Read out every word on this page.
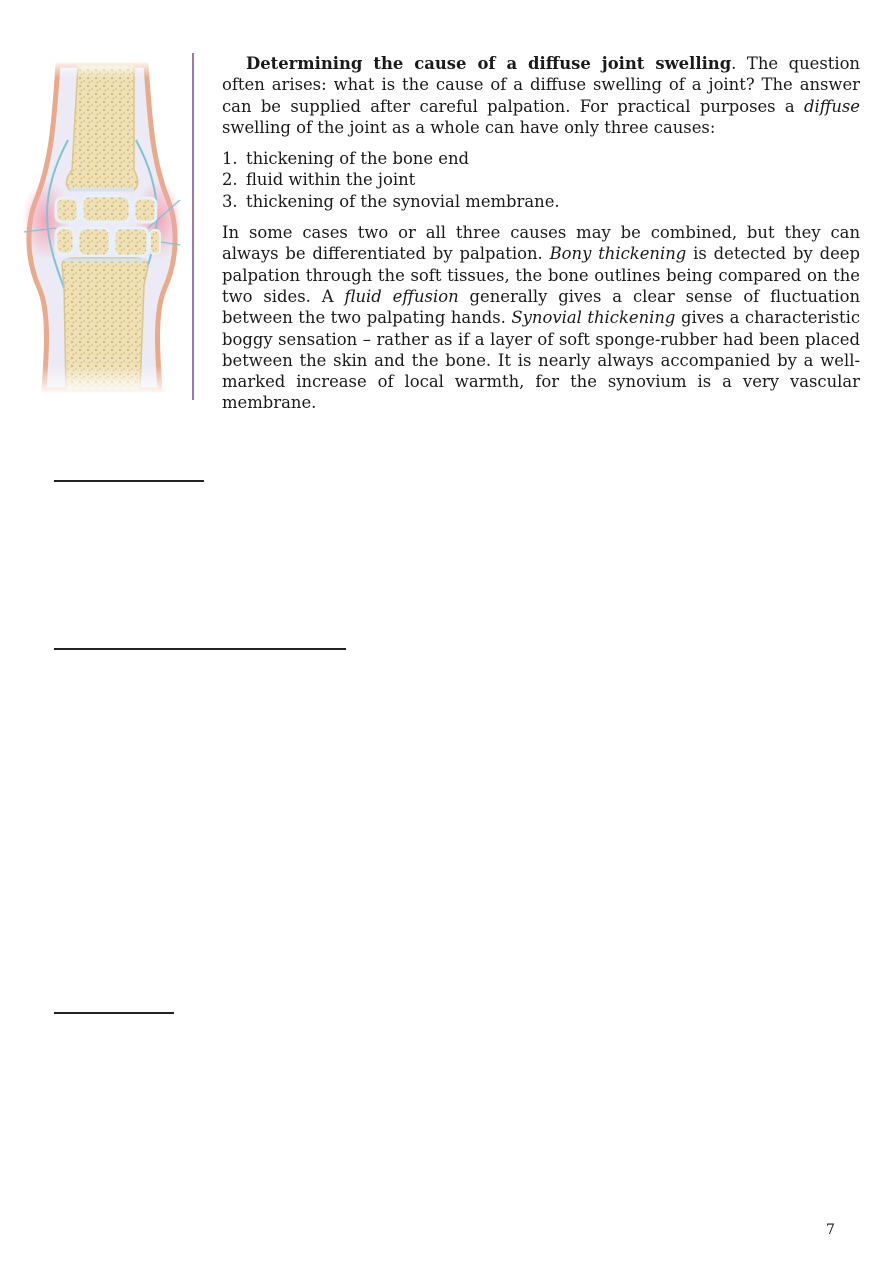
Determining the cause of a diffuse joint swelling. The question often arises: what is the cause of a diffuse swelling of a joint? The answer can be supplied after careful palpation. For practical purposes a diffuse swelling of the joint as a whole can have only three causes:

1. thickening of the bone end
2. fluid within the joint
3. thickening of the synovial membrane.

In some cases two or all three causes may be combined, but they can always be differentiated by palpation. Bony thickening is detected by deep palpation through the soft tissues, the bone outlines being compared on the two sides. A fluid effusion generally gives a clear sense of fluctuation between the two palpating hands. Synovial thickening gives a characteristic boggy sensation – rather as if a layer of soft sponge-rubber had been placed between the skin and the bone. It is nearly always accompanied by a well-marked increase of local warmth, for the synovium is a very vascular membrane.

7
